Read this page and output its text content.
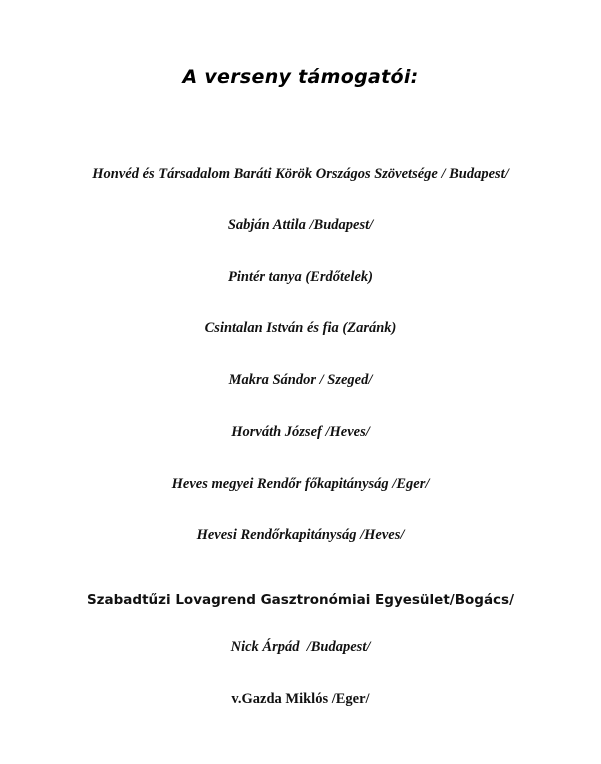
A verseny támogatói:
Honvéd és Társadalom Baráti Körök Országos Szövetsége / Budapest/
Sabján Attila /Budapest/
Pintér tanya (Erdőtelek)
Csintalan István és fia (Zaránk)
Makra Sándor / Szeged/
Horváth József /Heves/
Heves megyei Rendőr főkapitányság /Eger/
Hevesi Rendőrkapitányság /Heves/
Szabadtűzi Lovagrend Gasztronómiai Egyesület/Bogács/
Nick Árpád  /Budapest/
v.Gazda Miklós /Eger/
